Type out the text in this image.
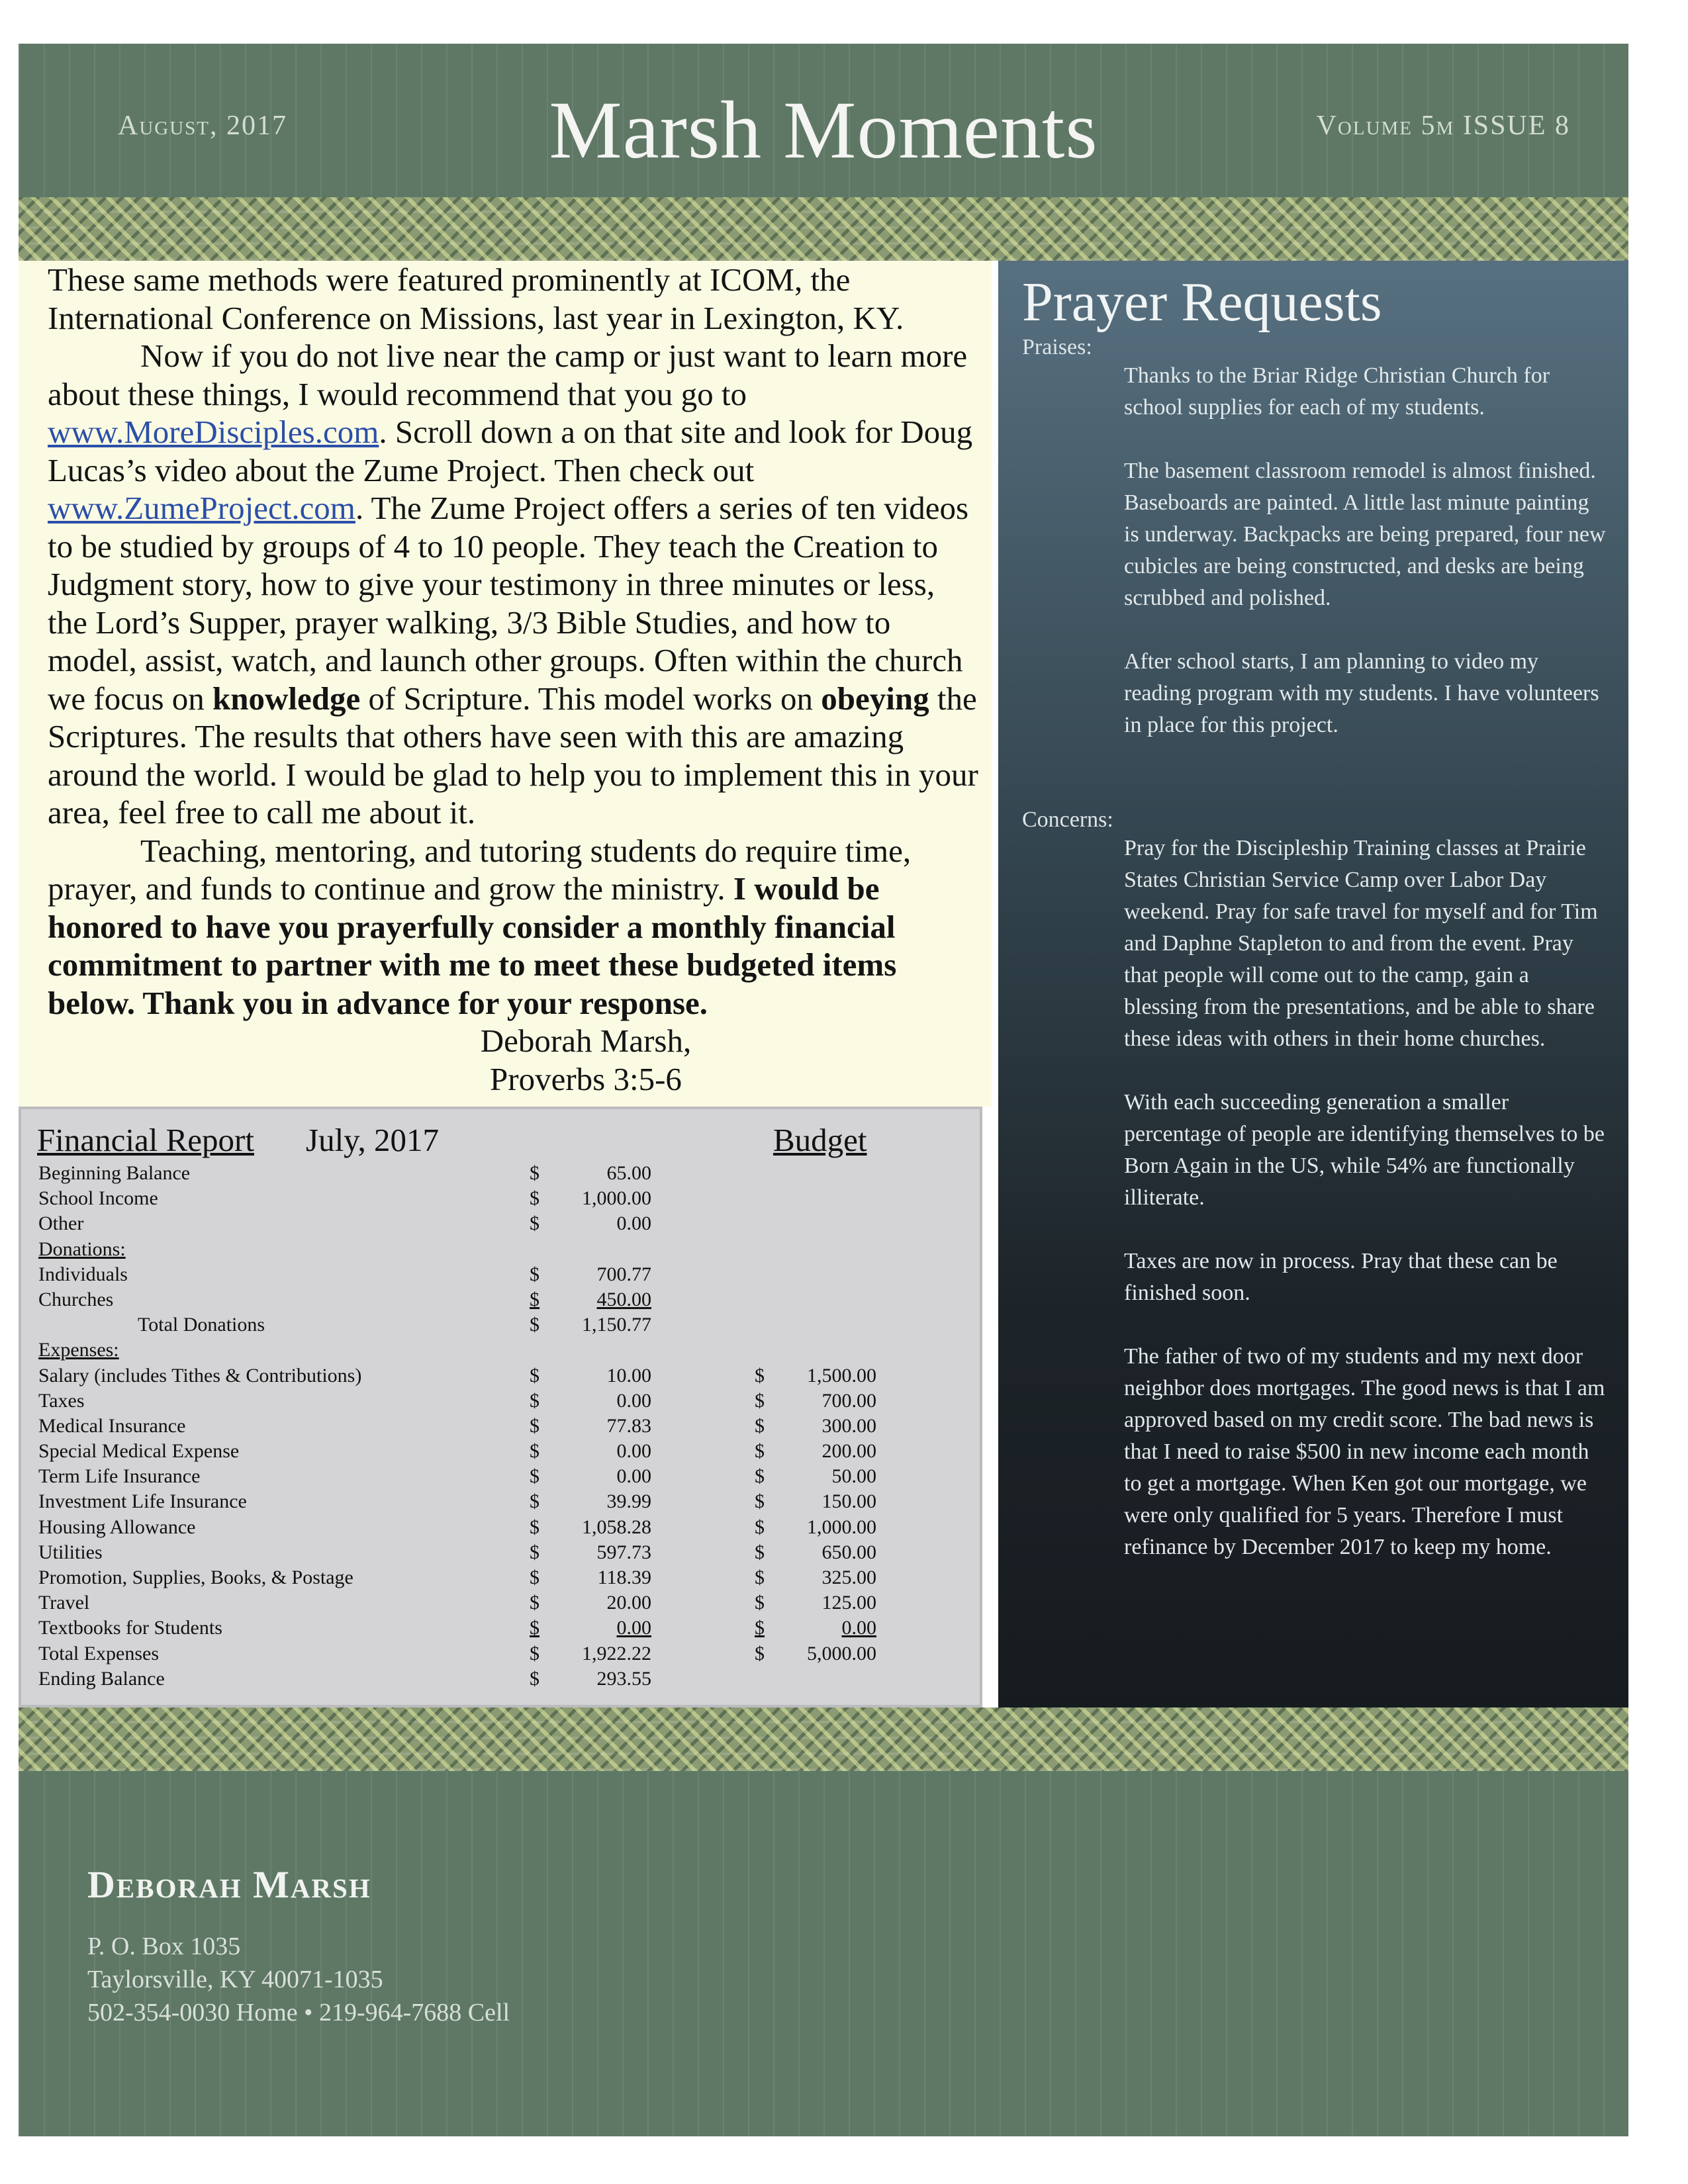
August, 2017	Marsh Moments	Volume 5m ISSUE 8

These same methods were featured prominently at ICOM, the International Conference on Missions, last year in Lexington, KY.

Now if you do not live near the camp or just want to learn more about these things, I would recommend that you go to www.MoreDisciples.com. Scroll down a on that site and look for Doug Lucas’s video about the Zume Project. Then check out www.ZumeProject.com. The Zume Project offers a series of ten videos to be studied by groups of 4 to 10 people. They teach the Creation to Judgment story, how to give your testimony in three minutes or less, the Lord’s Supper, prayer walking, 3/3 Bible Studies, and how to model, assist, watch, and launch other groups. Often within the church we focus on knowledge of Scripture. This model works on obeying the Scriptures. The results that others have seen with this are amazing around the world. I would be glad to help you to implement this in your area, feel free to call me about it.

Teaching, mentoring, and tutoring students do require time, prayer, and funds to continue and grow the ministry. I would be honored to have you prayerfully consider a monthly financial commitment to partner with me to meet these budgeted items below. Thank you in advance for your response.

Deborah Marsh,

Proverbs 3:5-6

Financial Report July, 2017	Budget
Beginning Balance	$	65.00
School Income	$	1,000.00
Other	$	0.00
Donations:
Individuals	$	700.77
Churches	$	450.00
Total Donations	$	1,150.77
Expenses:
Salary (includes Tithes & Contributions)	$	10.00	$	1,500.00
Taxes	$	0.00	$	700.00
Medical Insurance	$	77.83	$	300.00
Special Medical Expense	$	0.00	$	200.00
Term Life Insurance	$	0.00	$	50.00
Investment Life Insurance	$	39.99	$	150.00
Housing Allowance	$	1,058.28	$	1,000.00
Utilities	$	597.73	$	650.00
Promotion, Supplies, Books, & Postage	$	118.39	$	325.00
Travel	$	20.00	$	125.00
Textbooks for Students	$	0.00	$	0.00
Total Expenses	$	1,922.22	$	5,000.00
Ending Balance	$	293.55
Prayer Requests
Praises:

Thanks to the Briar Ridge Christian Church for school supplies for each of my students.

The basement classroom remodel is almost finished. Baseboards are painted. A little last minute painting is underway. Backpacks are being prepared, four new cubicles are being constructed, and desks are being scrubbed and polished.

After school starts, I am planning to video my reading program with my students. I have volunteers in place for this project.

Concerns:

Pray for the Discipleship Training classes at Prairie States Christian Service Camp over Labor Day weekend. Pray for safe travel for myself and for Tim and Daphne Stapleton to and from the event. Pray that people will come out to the camp, gain a blessing from the presentations, and be able to share these ideas with others in their home churches.

With each succeeding generation a smaller percentage of people are identifying themselves to be Born Again in the US, while 54% are functionally illiterate.

Taxes are now in process. Pray that these can be finished soon.

The father of two of my students and my next door neighbor does mortgages. The good news is that I am approved based on my credit score. The bad news is that I need to raise $500 in new income each month to get a mortgage. When Ken got our mortgage, we were only qualified for 5 years. Therefore I must refinance by December 2017 to keep my home.

Deborah Marsh
P. O. Box 1035
Taylorsville, KY 40071-1035
502-354-0030 Home • 219-964-7688 Cell
